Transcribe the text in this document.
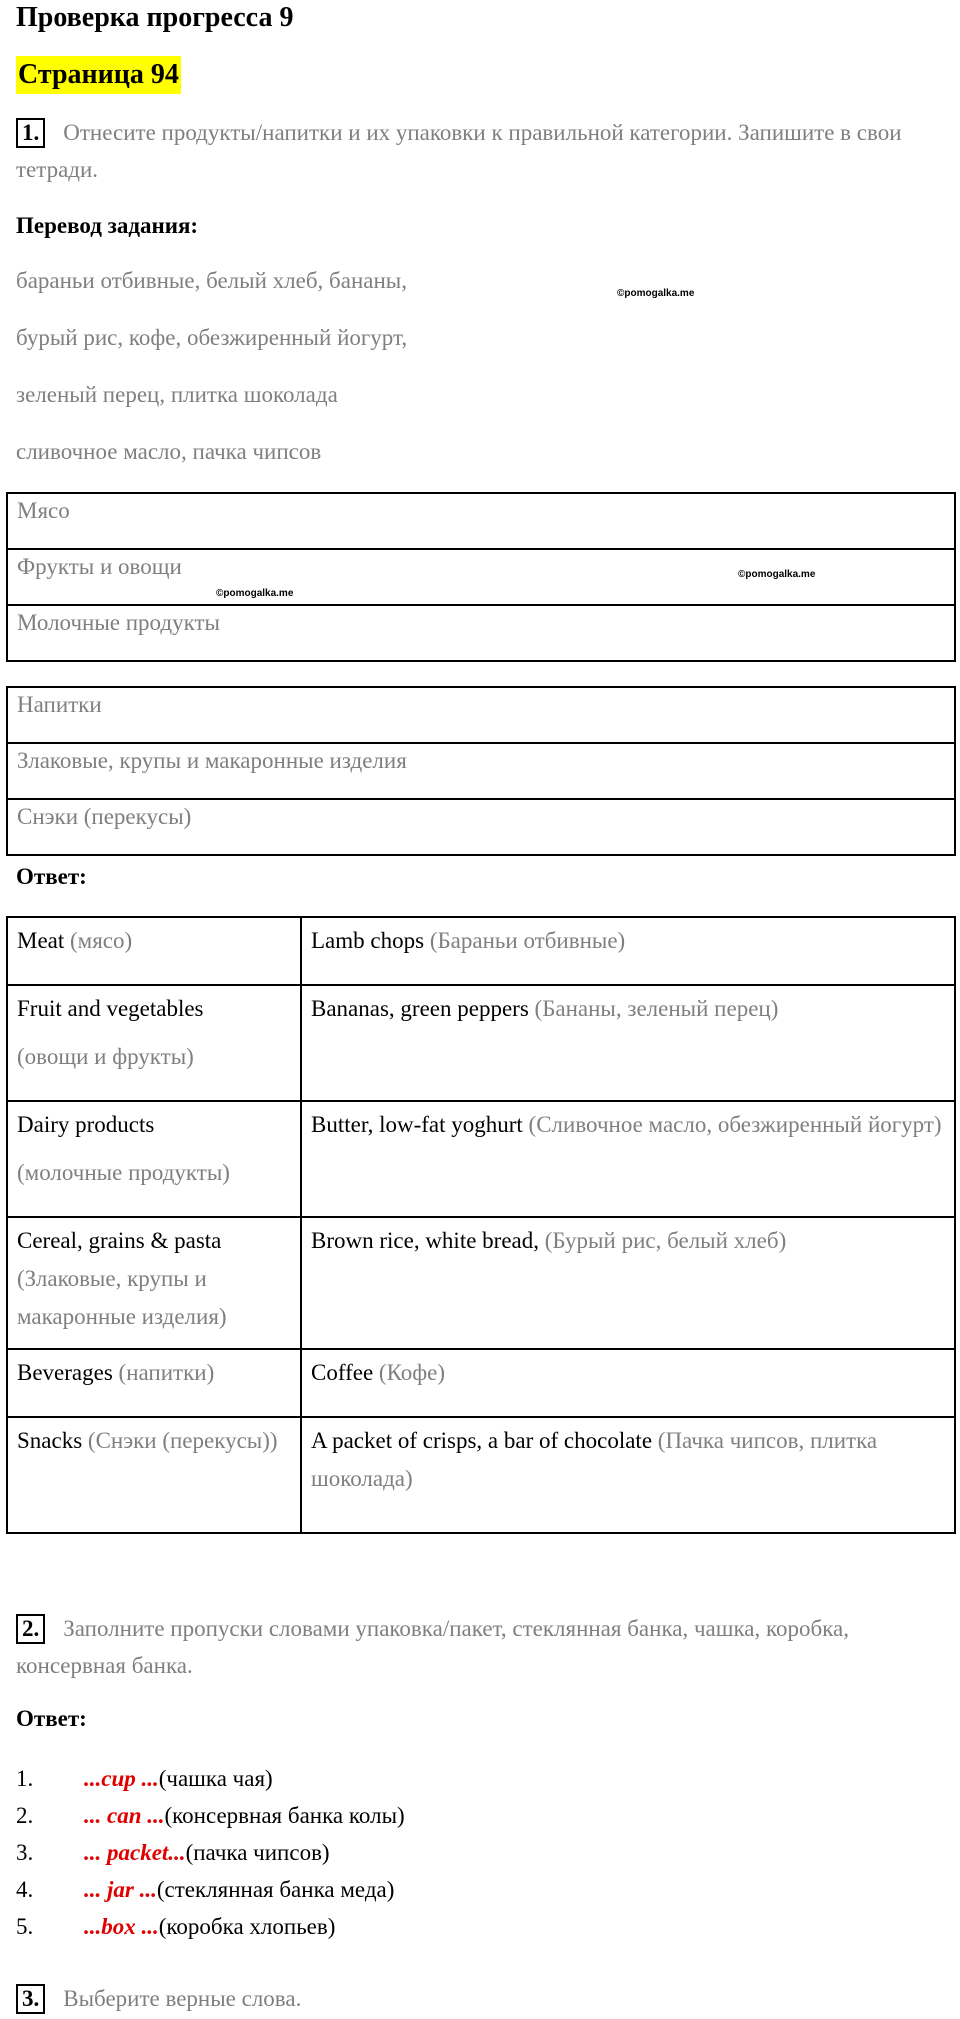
Проверка прогресса 9
Страница 94
1. Отнесите продукты/напитки и их упаковки к правильной категории. Запишите в свои тетради.
Перевод задания:
бараньи отбивные, белый хлеб, бананы,
©pomogalka.me
бурый рис, кофе, обезжиренный йогурт,
зеленый перец, плитка шоколада
сливочное масло, пачка чипсов
Мясо
Фрукты и овощи
Молочные продукты
©pomogalka.me
©pomogalka.me
Напитки
Злаковые, крупы и макаронные изделия
Снэки (перекусы)
Ответ:
Meat (мясо)	Lamb chops (Бараньи отбивные)

Fruit and vegetables
(овощи и фрукты)	Bananas, green peppers (Бананы, зеленый перец)

Dairy products
(молочные продукты)	Butter, low-fat yoghurt (Сливочное масло, обезжиренный йогурт)

Cereal, grains & pasta
(Злаковые, крупы и макаронные изделия)	Brown rice, white bread, (Бурый рис, белый хлеб)
Beverages (напитки)	Coffee (Кофе)
Snacks (Снэки (перекусы))	A packet of crisps, a bar of chocolate (Пачка чипсов, плитка шоколада)
2. Заполните пропуски словами упаковка/пакет, стеклянная банка, чашка, коробка, консервная банка.
Ответ:
1.	...cup ... (чашка чая)
2.	... can ... (консервная банка колы)
3.	... packet... (пачка чипсов)
4.	... jar ... (стеклянная банка меда)
5.	...box ... (коробка хлопьев)
3. Выберите верные слова.
